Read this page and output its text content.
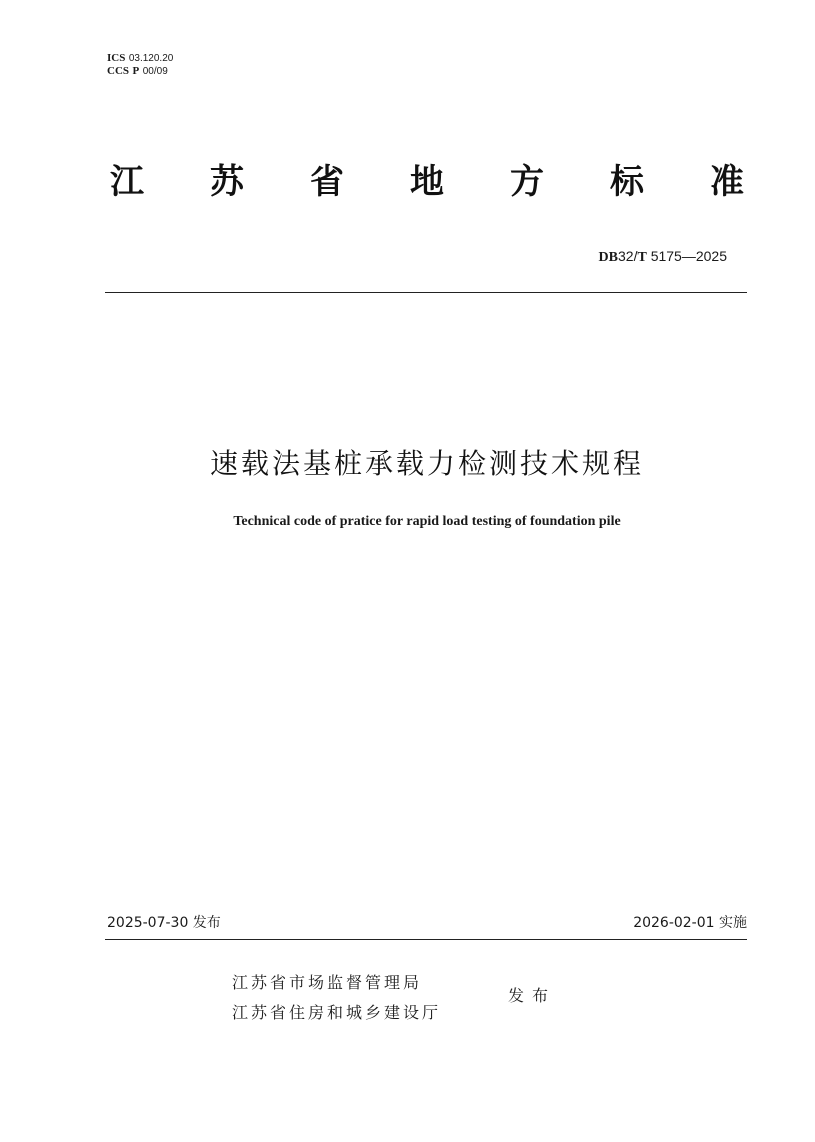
ICS 03.120.20
CCS P 00/09
江 苏 省 地 方 标 准
DB32/T 5175—2025
速载法基桩承载力检测技术规程
Technical code of pratice for rapid load testing of foundation pile
2025-07-30 发布	2026-02-01 实施
江苏省市场监督管理局
江苏省住房和城乡建设厅
发布
